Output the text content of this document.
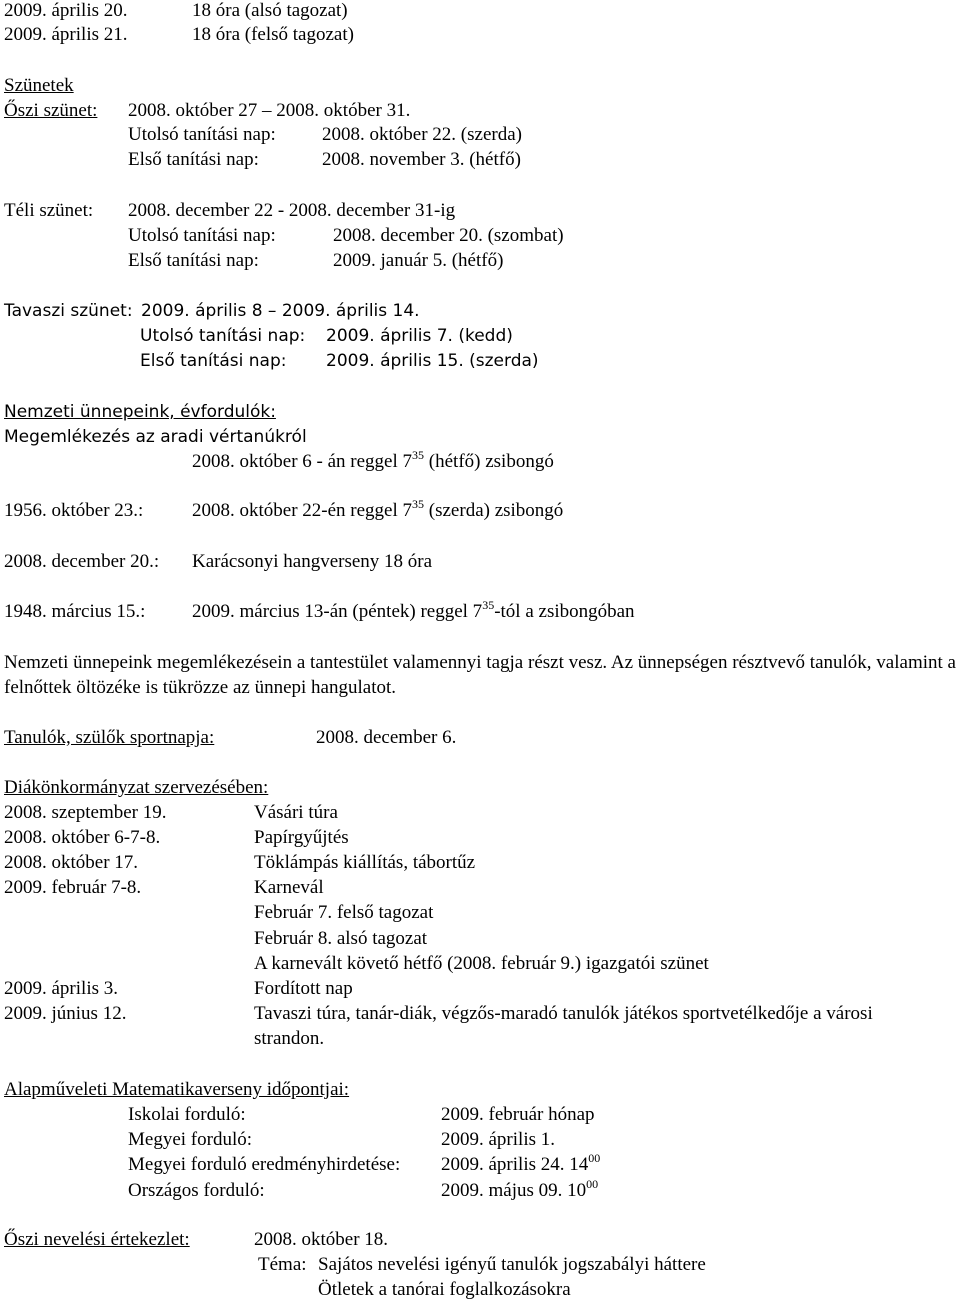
2009. április 20.	18 óra (alsó tagozat)
2009. április 21.	18 óra (felső tagozat)
Szünetek
Őszi szünet: 2008. október 27 – 2008. október 31.
Utolsó tanítási nap: 2008. október 22. (szerda)
Első tanítási nap:	2008. november 3. (hétfő)
Téli szünet: 2008. december 22 - 2008. december 31-ig
Utolsó tanítási nap:	2008. december 20. (szombat)
Első tanítási nap:	2009. január 5. (hétfő)
Tavaszi szünet: 2009. április 8 – 2009. április 14.
Utolsó tanítási nap: 2009. április 7. (kedd)
Első tanítási nap: 2009. április 15. (szerda)
Nemzeti ünnepeink, évfordulók:
Megemlékezés az aradi vértanúkról
2008. október 6 - án reggel $7^{35}$ (hétfő) zsibongó
1956. október 23.:	2008. október 22-én reggel $7^{35}$ (szerda) zsibongó
2008. december 20.: Karácsonyi hangverseny 18 óra
1948. március 15.: 2009. március 13-án (péntek) reggel $7^{35}$-tól a zsibongóban
Nemzeti ünnepeink megemlékezésein a tantestület valamennyi tagja részt vesz. Az ünnepségen résztvevő tanulók, valamint a felnőttek öltözéke is tükrözze az ünnepi hangulatot.
Tanulók, szülők sportnapja:	2008. december 6.
Diákönkormányzat szervezésében:
2008. szeptember 19.	Vásári túra
2008. október 6-7-8.	Papírgyűjtés
2008. október 17.	Töklámpás kiállítás, tábortűz
2009. február 7-8.	Karnevál
Február 7. felső tagozat
Február 8. alsó tagozat
A karnevált követő hétfő (2008. február 9.) igazgatói szünet
2009. április 3.	Fordított nap
2009. június 12.	Tavaszi túra, tanár-diák, végzős-maradó tanulók játékos sportvetélkedője a városi
strandon.
Alapműveleti Matematikaverseny időpontjai:
Iskolai forduló:	2009. február hónap
Megyei forduló:	2009. április 1.
Megyei forduló eredményhirdetése: 2009. április 24. $14^{00}$
Országos forduló:	2009. május 09. $10^{00}$
Őszi nevelési értekezlet:	2008. október 18.
Téma: Sajátos nevelési igényű tanulók jogszabályi háttere
Ötletek a tanórai foglalkozásokra
